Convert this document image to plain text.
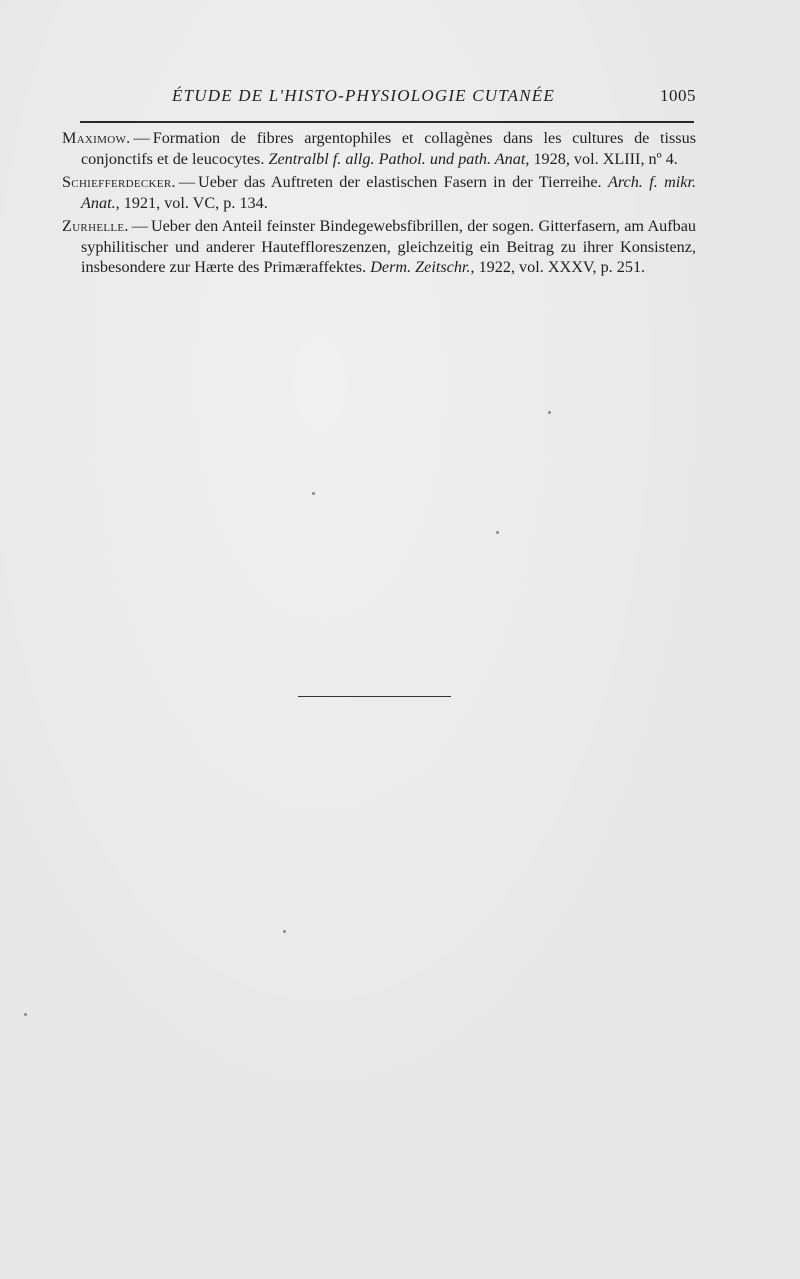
ÉTUDE DE L'HISTO-PHYSIOLOGIE CUTANÉE	1005

Maximow. — Formation de fibres argentophiles et collagènes dans les cultures de tissus conjonctifs et de leucocytes. Zentralbl f. allg. Pathol. und path. Anat, 1928, vol. XLIII, nº 4.

Schiefferdecker. — Ueber das Auftreten der elastischen Fasern in der Tierreihe. Arch. f. mikr. Anat., 1921, vol. VC, p. 134.

Zurhelle. — Ueber den Anteil feinster Bindegewebsfibrillen, der sogen. Gitterfasern, am Aufbau syphilitischer und anderer Hauteffloreszenzen, gleichzeitig ein Beitrag zu ihrer Konsistenz, insbesondere zur Hærte des Primæraffektes. Derm. Zeitschr., 1922, vol. XXXV, p. 251.
